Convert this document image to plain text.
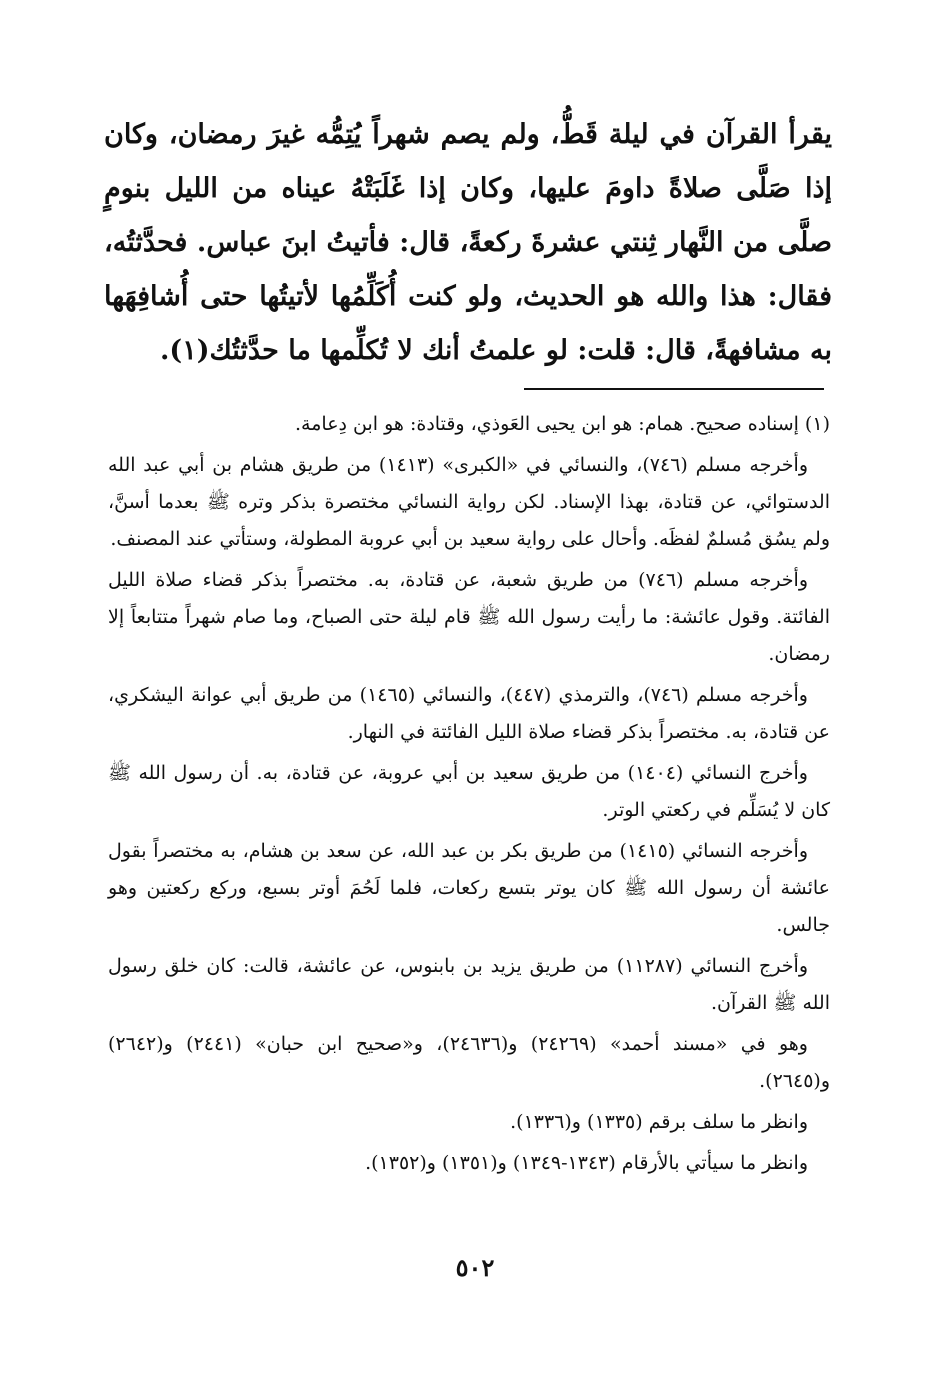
يقرأ القرآن في ليلة قَطُّ، ولم يصم شهراً يُتِمُّه غيرَ رمضان، وكان إذا صَلَّى صلاةً داومَ عليها، وكان إذا غَلَبَتْهُ عيناه من الليل بنومٍ صلَّى من النَّهار ثِنتي عشرةَ ركعةً، قال: فأتيتُ ابنَ عباس. فحدَّثتُه، فقال: هذا والله هو الحديث، ولو كنت أُكَلِّمُها لأتيتُها حتى أُشافِهَها به مشافهةً، قال: قلت: لو علمتُ أنك لا تُكلِّمها ما حدَّثتُك(١).

(١) إسناده صحيح. همام: هو ابن يحيى العَوذي، وقتادة: هو ابن دِعامة.

وأخرجه مسلم (٧٤٦)، والنسائي في «الكبرى» (١٤١٣) من طريق هشام بن أبي عبد الله الدستوائي، عن قتادة، بهذا الإسناد. لكن رواية النسائي مختصرة بذكر وتره ﷺ بعدما أسنَّ، ولم يسُق مُسلمٌ لفظَه. وأحال على رواية سعيد بن أبي عروبة المطولة، وستأتي عند المصنف.

وأخرجه مسلم (٧٤٦) من طريق شعبة، عن قتادة، به. مختصراً بذكر قضاء صلاة الليل الفائتة. وقول عائشة: ما رأيت رسول الله ﷺ قام ليلة حتى الصباح، وما صام شهراً متتابعاً إلا رمضان.

وأخرجه مسلم (٧٤٦)، والترمذي (٤٤٧)، والنسائي (١٤٦٥) من طريق أبي عوانة اليشكري، عن قتادة، به. مختصراً بذكر قضاء صلاة الليل الفائتة في النهار.

وأخرج النسائي (١٤٠٤) من طريق سعيد بن أبي عروبة، عن قتادة، به. أن رسول الله ﷺ كان لا يُسَلِّم في ركعتي الوتر.

وأخرجه النسائي (١٤١٥) من طريق بكر بن عبد الله، عن سعد بن هشام، به مختصراً بقول عائشة أن رسول الله ﷺ كان يوتر بتسع ركعات، فلما لَحُمَ أوتر بسبع، وركع ركعتين وهو جالس.

وأخرج النسائي (١١٢٨٧) من طريق يزيد بن بابنوس، عن عائشة، قالت: كان خلق رسول الله ﷺ القرآن.

وهو في «مسند أحمد» (٢٤٢٦٩) و(٢٤٦٣٦)، و«صحيح ابن حبان» (٢٤٤١) و(٢٦٤٢) و(٢٦٤٥).

وانظر ما سلف برقم (١٣٣٥) و(١٣٣٦).

وانظر ما سيأتي بالأرقام (١٣٤٣-١٣٤٩) و(١٣٥١) و(١٣٥٢).

٥٠٢
